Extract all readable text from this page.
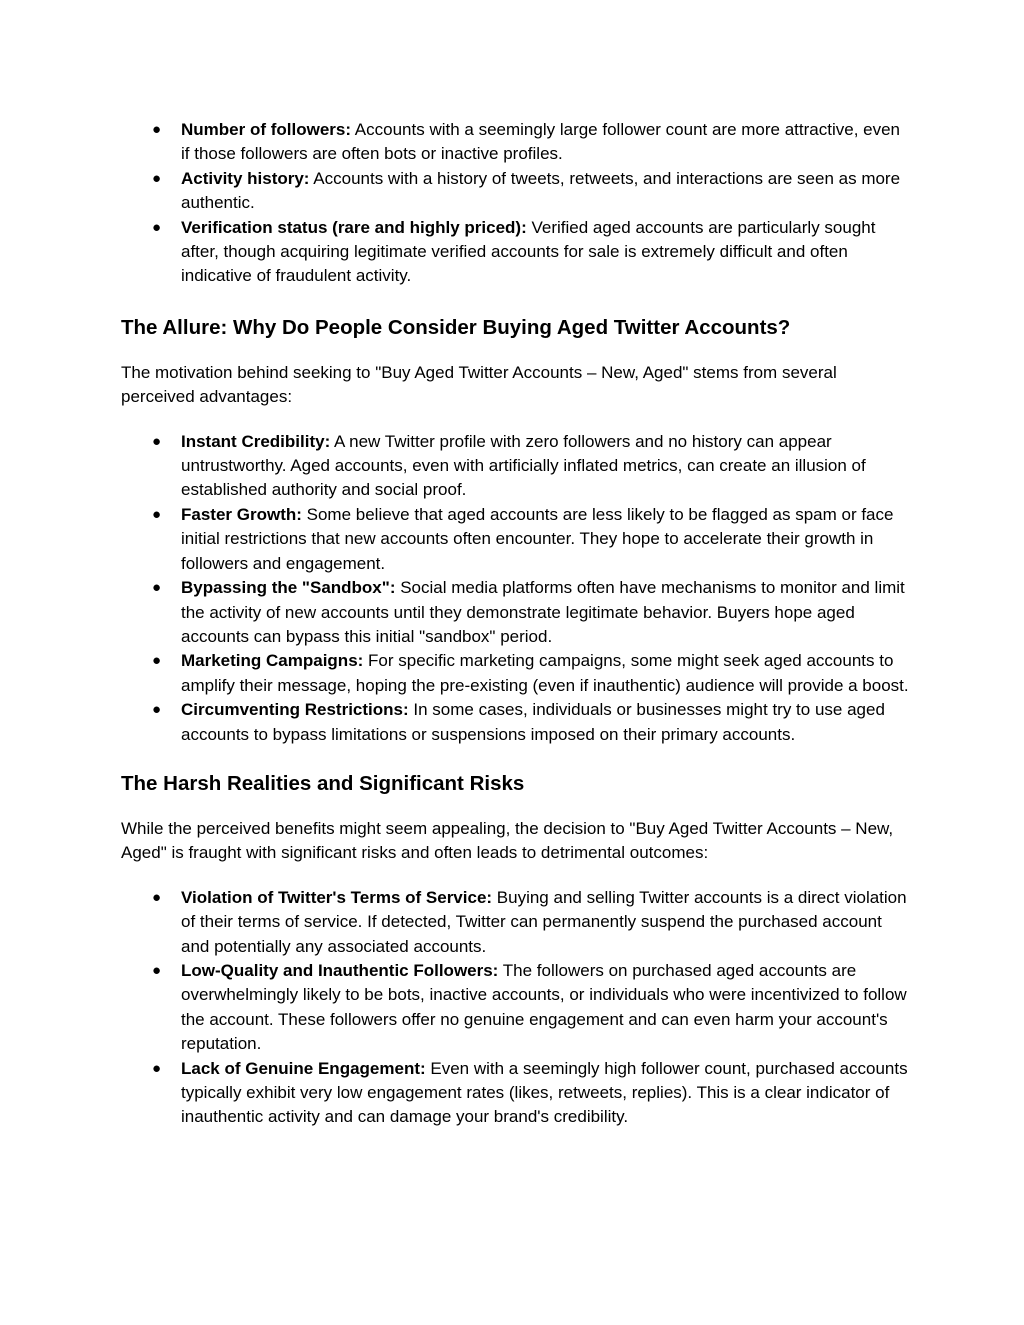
● Number of followers: Accounts with a seemingly large follower count are more attractive, even if those followers are often bots or inactive profiles.
● Activity history: Accounts with a history of tweets, retweets, and interactions are seen as more authentic.
● Verification status (rare and highly priced): Verified aged accounts are particularly sought after, though acquiring legitimate verified accounts for sale is extremely difficult and often indicative of fraudulent activity.
The Allure: Why Do People Consider Buying Aged Twitter Accounts?

The motivation behind seeking to "Buy Aged Twitter Accounts – New, Aged" stems from several perceived advantages:

● Instant Credibility: A new Twitter profile with zero followers and no history can appear untrustworthy. Aged accounts, even with artificially inflated metrics, can create an illusion of established authority and social proof.
● Faster Growth: Some believe that aged accounts are less likely to be flagged as spam or face initial restrictions that new accounts often encounter. They hope to accelerate their growth in followers and engagement.
● Bypassing the "Sandbox": Social media platforms often have mechanisms to monitor and limit the activity of new accounts until they demonstrate legitimate behavior. Buyers hope aged accounts can bypass this initial "sandbox" period.
● Marketing Campaigns: For specific marketing campaigns, some might seek aged accounts to amplify their message, hoping the pre-existing (even if inauthentic) audience will provide a boost.
● Circumventing Restrictions: In some cases, individuals or businesses might try to use aged accounts to bypass limitations or suspensions imposed on their primary accounts.
The Harsh Realities and Significant Risks

While the perceived benefits might seem appealing, the decision to "Buy Aged Twitter Accounts – New, Aged" is fraught with significant risks and often leads to detrimental outcomes:

● Violation of Twitter's Terms of Service: Buying and selling Twitter accounts is a direct violation of their terms of service. If detected, Twitter can permanently suspend the purchased account and potentially any associated accounts.
● Low-Quality and Inauthentic Followers: The followers on purchased aged accounts are overwhelmingly likely to be bots, inactive accounts, or individuals who were incentivized to follow the account. These followers offer no genuine engagement and can even harm your account's reputation.
● Lack of Genuine Engagement: Even with a seemingly high follower count, purchased accounts typically exhibit very low engagement rates (likes, retweets, replies). This is a clear indicator of inauthentic activity and can damage your brand's credibility.
